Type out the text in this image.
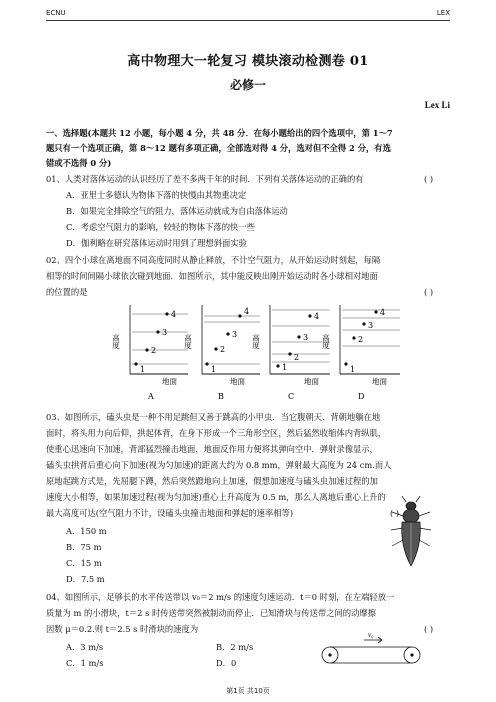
ECNU	LEX
高中物理大一轮复习 模块滚动检测卷 01
必修一
Lex Li
一、选择题(本题共 12 小题，每小题 4 分，共 48 分．在每小题给出的四个选项中，第 1～7
题只有一个选项正确，第 8～12 题有多项正确，全部选对得 4 分，选对但不全得 2 分，有选
错或不选得 0 分)
01、人类对落体运动的认识经历了差不多两千年的时间．下列有关落体运动的正确的有	( )
A．亚里士多德认为物体下落的快慢由其物重决定
B．如果完全排除空气的阻力，落体运动就成为自由落体运动
C．考虑空气阻力的影响，较轻的物体下落的快一些
D．伽利略在研究落体运动时用到了理想斜面实验
02、四个小球在离地面不同高度同时从静止释放，不计空气阻力，从开始运动时刻起，每隔
相等的时间间隔小球依次碰到地面．如图所示，其中能反映出刚开始运动时各小球相对地面
的位置的是	( )
4
3
2
1
高度
地面
A
4
3
2
1
高度
地面
B
4
3
2
1
高度
地面
C
4
3
2
1
高度
地面
D
03、如图所示，磕头虫是一种不用足跳但又善于跳高的小甲虫．当它腹朝天、背朝地躺在地
面时，将头用力向后仰，拱起体背，在身下形成一个三角形空区，然后猛然收缩体内背纵肌，
使重心迅速向下加速，背部猛烈撞击地面，地面反作用力便将其弹向空中．弹射录像显示，
磕头虫拱背后重心向下加速(视为匀加速)的距离大约为 0.8 mm，弹射最大高度为 24 cm.而人
原地起跳方式是，先屈腿下蹲，然后突然蹬地向上加速，假想加速度与磕头虫加速过程的加
速度大小相等，如果加速过程(视为匀加速)重心上升高度为 0.5 m，那么人离地后重心上升的
最大高度可达(空气阻力不计，设磕头虫撞击地面和弹起的速率相等)	( )
A．150 m
B．75 m
C．15 m
D．7.5 m
04、如图所示，足够长的水平传送带以 v₀＝2 m/s 的速度匀速运动．t＝0 时刻，在左端轻放一
质量为 m 的小滑块，t＝2 s 时传送带突然被制动而停止．已知滑块与传送带之间的动摩擦
因数 μ＝0.2.则 t＝2.5 s 时滑块的速度为	( )
A．3 m/s	B．2 m/s
C．1 m/s	D．0
v₀
第1页 共10页
